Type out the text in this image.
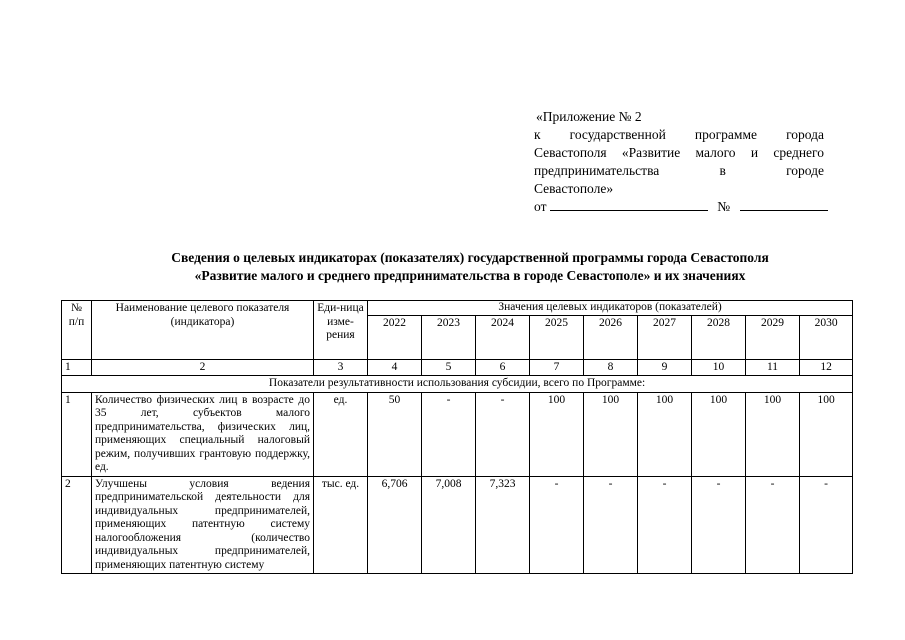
«Приложение № 2
к государственной программе города
Севастополя «Развитие малого и среднего
предпринимательства в городе
Севастополе»
от	№
Сведения о целевых индикаторах (показателях) государственной программы города Севастополя
«Развитие малого и среднего предпринимательства в городе Севастополе» и их значениях
№ п/п	Наименование целевого показателя (индикатора)	Еди-ница изме-рения	Значения целевых индикаторов (показателей)								
			2022	2023	2024	2025	2026	2027	2028	2029	2030
1	2	3	4	5	6	7	8	9	10	11	12
Показатели результативности использования субсидии, всего по Программе:											
1	Количество физических лиц в возрасте до 35 лет, субъектов малого предпринимательства, физических лиц, применяющих специальный налоговый режим, получивших грантовую поддержку, ед.	ед.	50	-	-	100	100	100	100	100	100
2	Улучшены условия ведения предпринимательской деятельности для индивидуальных предпринимателей, применяющих патентную систему налогообложения (количество индивидуальных предпринимателей, применяющих патентную систему	тыс. ед.	6,706	7,008	7,323	-	-	-	-	-	-
